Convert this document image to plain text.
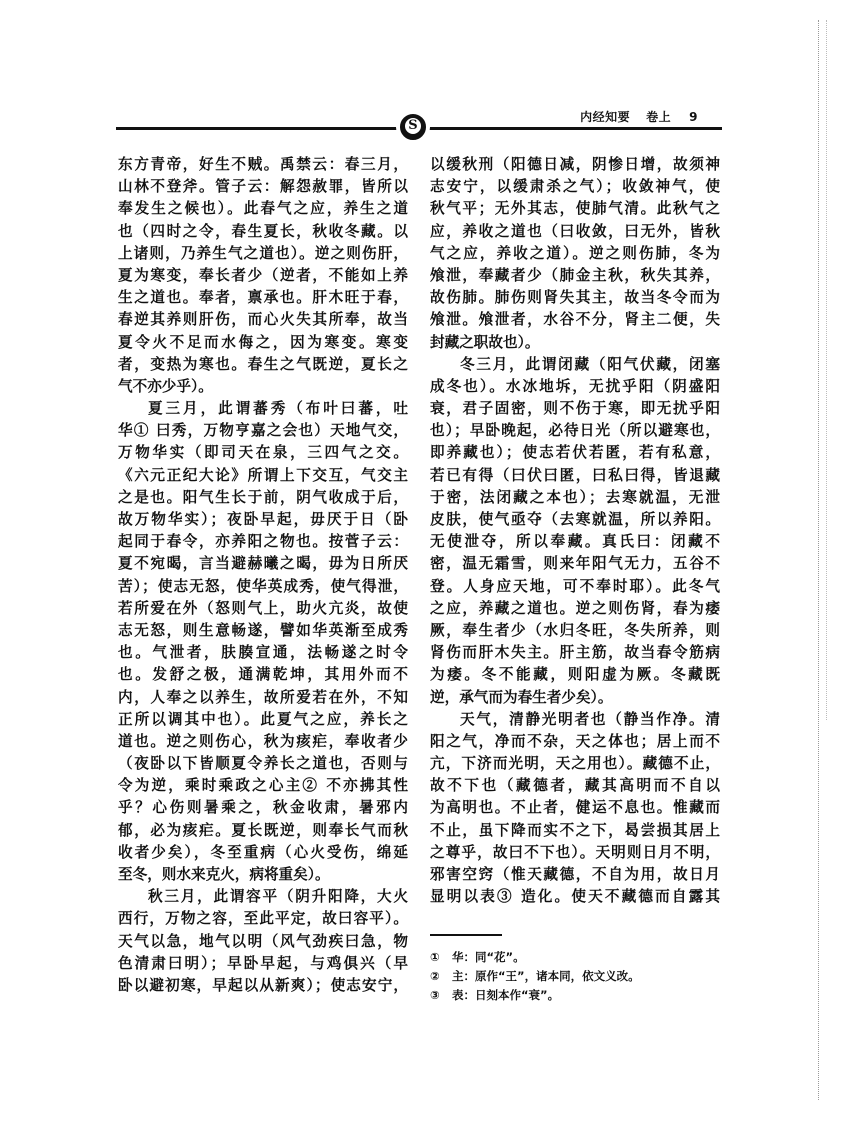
S
内经知要 卷上 9
东方青帝，好生不贼。禹禁云：春三月，
山林不登斧。管子云：解怨赦罪，皆所以
奉发生之候也）。此春气之应，养生之道
也（四时之令，春生夏长，秋收冬藏。以
上诸则，乃养生气之道也）。逆之则伤肝，
夏为寒变，奉长者少（逆者，不能如上养
生之道也。奉者，禀承也。肝木旺于春，
春逆其养则肝伤，而心火失其所奉，故当
夏令火不足而水侮之，因为寒变。寒变
者，变热为寒也。春生之气既逆，夏长之
气不亦少乎）。
夏三月，此谓蕃秀（布叶曰蕃，吐
华① 曰秀，万物亨嘉之会也）天地气交，
万物华实（即司天在泉，三四气之交。
《六元正纪大论》所谓上下交互，气交主
之是也。阳气生长于前，阴气收成于后，
故万物华实）；夜卧早起，毋厌于日（卧
起同于春令，亦养阳之物也。按菅子云：
夏不宛暍，言当避赫曦之暍，毋为日所厌
苦）；使志无怒，使华英成秀，使气得泄，
若所爱在外（怒则气上，助火亢炎，故使
志无怒，则生意畅遂，譬如华英渐至成秀
也。气泄者，肤腠宣通，法畅遂之时令
也。发舒之极，通满乾坤，其用外而不
内，人奉之以养生，故所爱若在外，不知
正所以调其中也）。此夏气之应，养长之
道也。逆之则伤心，秋为痎疟，奉收者少
（夜卧以下皆顺夏令养长之道也，否则与
令为逆，乘时乘政之心主② 不亦拂其性
乎？心伤则暑乘之，秋金收肃，暑邪内
郁，必为痎疟。夏长既逆，则奉长气而秋
收者少矣），冬至重病（心火受伤，绵延
至冬，则水来克火，病将重矣）。
秋三月，此谓容平（阴升阳降，大火
西行，万物之容，至此平定，故曰容平）。
天气以急，地气以明（风气劲疾曰急，物
色清肃曰明）；早卧早起，与鸡俱兴（早
卧以避初寒，早起以从新爽）；使志安宁，
以缓秋刑（阳德日减，阴惨日增，故须神
志安宁，以缓肃杀之气）；收敛神气，使
秋气平；无外其志，使肺气清。此秋气之
应，养收之道也（曰收敛，曰无外，皆秋
气之应，养收之道）。逆之则伤肺，冬为
飧泄，奉藏者少（肺金主秋，秋失其养，
故伤肺。肺伤则肾失其主，故当冬令而为
飧泄。飧泄者，水谷不分，肾主二便，失
封藏之职故也）。
冬三月，此谓闭藏（阳气伏藏，闭塞
成冬也）。水冰地坼，无扰乎阳（阴盛阳
衰，君子固密，则不伤于寒，即无扰乎阳
也）；早卧晚起，必待日光（所以避寒也，
即养藏也）；使志若伏若匿，若有私意，
若已有得（曰伏曰匿，曰私曰得，皆退藏
于密，法闭藏之本也）；去寒就温，无泄
皮肤，使气亟夺（去寒就温，所以养阳。
无使泄夺，所以奉藏。真氏曰：闭藏不
密，温无霜雪，则来年阳气无力，五谷不
登。人身应天地，可不奉时耶）。此冬气
之应，养藏之道也。逆之则伤肾，春为痿
厥，奉生者少（水归冬旺，冬失所养，则
肾伤而肝木失主。肝主筋，故当春令筋病
为痿。冬不能藏，则阳虚为厥。冬藏既
逆，承气而为春生者少矣）。
天气，清静光明者也（静当作净。清
阳之气，净而不杂，天之体也；居上而不
亢，下济而光明，天之用也）。藏德不止，
故不下也（藏德者，藏其高明而不自以
为高明也。不止者，健运不息也。惟藏而
不止，虽下降而实不之下，曷尝损其居上
之尊乎，故曰不下也）。天明则日月不明，
邪害空窍（惟天藏德，不自为用，故日月
显明以表③ 造化。使天不藏德而自露其
① 华：同“花”。
② 主：原作“王”，诸本同，依文义改。
③ 表：日刻本作“衰”。
